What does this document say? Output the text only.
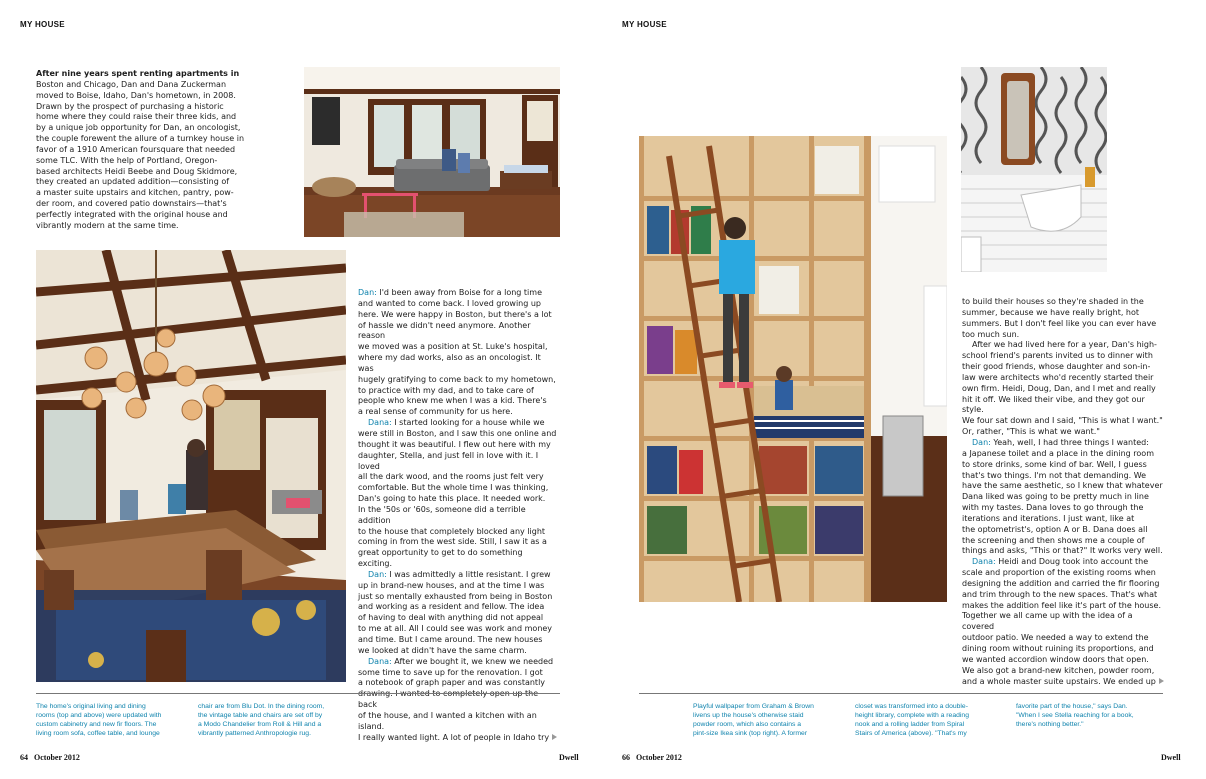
MY HOUSE
After nine years spent renting apartments in
Boston and Chicago, Dan and Dana Zuckerman
moved to Boise, Idaho, Dan's hometown, in 2008.
Drawn by the prospect of purchasing a historic
home where they could raise their three kids, and
by a unique job opportunity for Dan, an oncologist,
the couple forewent the allure of a turnkey house in
favor of a 1910 American foursquare that needed
some TLC. With the help of Portland, Oregon-
based architects Heidi Beebe and Doug Skidmore,
they created an updated addition—consisting of
a master suite upstairs and kitchen, pantry, pow-
der room, and covered patio downstairs—that's
perfectly integrated with the original house and
vibrantly modern at the same time.
Dan: I'd been away from Boise for a long time
and wanted to come back. I loved growing up
here. We were happy in Boston, but there's a lot
of hassle we didn't need anymore. Another reason
we moved was a position at St. Luke's hospital,
where my dad works, also as an oncologist. It was
hugely gratifying to come back to my hometown,
to practice with my dad, and to take care of
people who knew me when I was a kid. There's
a real sense of community for us here.
Dana: I started looking for a house while we
were still in Boston, and I saw this one online and
thought it was beautiful. I flew out here with my
daughter, Stella, and just fell in love with it. I loved
all the dark wood, and the rooms just felt very
comfortable. But the whole time I was thinking,
Dan's going to hate this place. It needed work.
In the '50s or '60s, someone did a terrible addition
to the house that completely blocked any light
coming in from the west side. Still, I saw it as a
great opportunity to get to do something exciting.
Dan: I was admittedly a little resistant. I grew
up in brand-new houses, and at the time I was
just so mentally exhausted from being in Boston
and working as a resident and fellow. The idea
of having to deal with anything did not appeal
to me at all. All I could see was work and money
and time. But I came around. The new houses
we looked at didn't have the same charm.
Dana: After we bought it, we knew we needed
some time to save up for the renovation. I got
a notebook of graph paper and was constantly
back
of the house, and I wanted a kitchen with an island.
I really wanted light. A lot of people in Idaho try
The home's original living and dining
rooms (top and above) were updated with
custom cabinetry and new fir floors. The
living room sofa, coffee table, and lounge
chair are from Blu Dot. In the dining room,
the vintage table and chairs are set off by
a Modo Chandelier from Roll & Hill and a
vibrantly patterned Anthropologie rug.
64 October 2012	Dwell
MY HOUSE
to build their houses so they're shaded in the
summer, because we have really bright, hot
summers. But I don't feel like you can ever have
too much sun.
After we had lived here for a year, Dan's high-
school friend's parents invited us to dinner with
their good friends, whose daughter and son-in-
law were architects who'd recently started their
own firm. Heidi, Doug, Dan, and I met and really
hit it off. We liked their vibe, and they got our style.
We four sat down and I said, "This is what I want."
Or, rather, "This is what we want."
Dan: Yeah, well, I had three things I wanted:
a Japanese toilet and a place in the dining room
to store drinks, some kind of bar. Well, I guess
that's two things. I'm not that demanding. We
have the same aesthetic, so I knew that whatever
Dana liked was going to be pretty much in line
with my tastes. Dana loves to go through the
iterations and iterations. I just want, like at
the optometrist's, option A or B. Dana does all
the screening and then shows me a couple of
things and asks, "This or that?" It works very well.
Dana: Heidi and Doug took into account the
scale and proportion of the existing rooms when
designing the addition and carried the fir flooring
and trim through to the new spaces. That's what
makes the addition feel like it's part of the house.
Together we all came up with the idea of a covered
outdoor patio. We needed a way to extend the
dining room without ruining its proportions, and
we wanted accordion window doors that open.
We also got a brand-new kitchen, powder room,
and a whole master suite upstairs. We ended up
Playful wallpaper from Graham & Brown
livens up the house's otherwise staid
powder room, which also contains a
pint-size Ikea sink (top right). A former
closet was transformed into a double-
height library, complete with a reading
nook and a rolling ladder from Spiral
Stairs of America (above). "That's my
favorite part of the house," says Dan.
"When I see Stella reaching for a book,
there's nothing better."
66 October 2012	Dwell
